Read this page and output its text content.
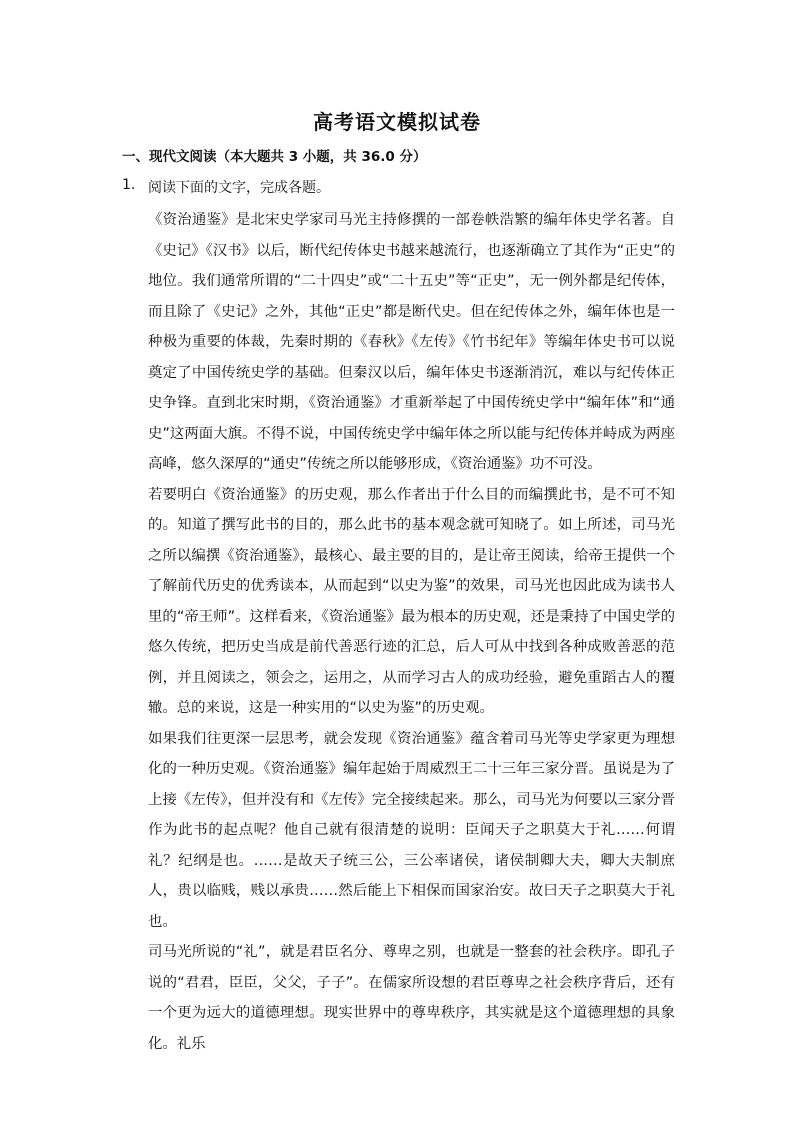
高考语文模拟试卷
一、现代文阅读（本大题共 3 小题，共 36.0 分）
1. 阅读下面的文字，完成各题。

《资治通鉴》是北宋史学家司马光主持修撰的一部卷帙浩繁的编年体史学名著。自《史记》《汉书》以后，断代纪传体史书越来越流行，也逐渐确立了其作为“正史”的地位。我们通常所谓的“二十四史”或“二十五史”等“正史”，无一例外都是纪传体，而且除了《史记》之外，其他“正史”都是断代史。但在纪传体之外，编年体也是一种极为重要的体裁，先秦时期的《春秋》《左传》《竹书纪年》等编年体史书可以说奠定了中国传统史学的基础。但秦汉以后，编年体史书逐渐消沉，难以与纪传体正史争锋。直到北宋时期，《资治通鉴》才重新举起了中国传统史学中“编年体”和“通史”这两面大旗。不得不说，中国传统史学中编年体之所以能与纪传体并峙成为两座高峰，悠久深厚的“通史”传统之所以能够形成，《资治通鉴》功不可没。

若要明白《资治通鉴》的历史观，那么作者出于什么目的而编撰此书，是不可不知的。知道了撰写此书的目的，那么此书的基本观念就可知晓了。如上所述，司马光之所以编撰《资治通鉴》，最核心、最主要的目的，是让帝王阅读，给帝王提供一个了解前代历史的优秀读本，从而起到“以史为鉴”的效果，司马光也因此成为读书人里的“帝王师”。这样看来，《资治通鉴》最为根本的历史观，还是秉持了中国史学的悠久传统，把历史当成是前代善恶行迹的汇总，后人可从中找到各种成败善恶的范例，并且阅读之，领会之，运用之，从而学习古人的成功经验，避免重蹈古人的覆辙。总的来说，这是一种实用的“以史为鉴”的历史观。

如果我们往更深一层思考，就会发现《资治通鉴》蕴含着司马光等史学家更为理想化的一种历史观。《资治通鉴》编年起始于周威烈王二十三年三家分晋。虽说是为了上接《左传》，但并没有和《左传》完全接续起来。那么，司马光为何要以三家分晋作为此书的起点呢？他自己就有很清楚的说明：臣闻天子之职莫大于礼……何谓礼？纪纲是也。……是故天子统三公，三公率诸侯，诸侯制卿大夫，卿大夫制庶人，贵以临贱，贱以承贵……然后能上下相保而国家治安。故曰天子之职莫大于礼也。

司马光所说的“礼”，就是君臣名分、尊卑之别，也就是一整套的社会秩序。即孔子说的“君君，臣臣，父父，子子”。在儒家所设想的君臣尊卑之社会秩序背后，还有一个更为远大的道德理想。现实世界中的尊卑秩序，其实就是这个道德理想的具象化。礼乐
